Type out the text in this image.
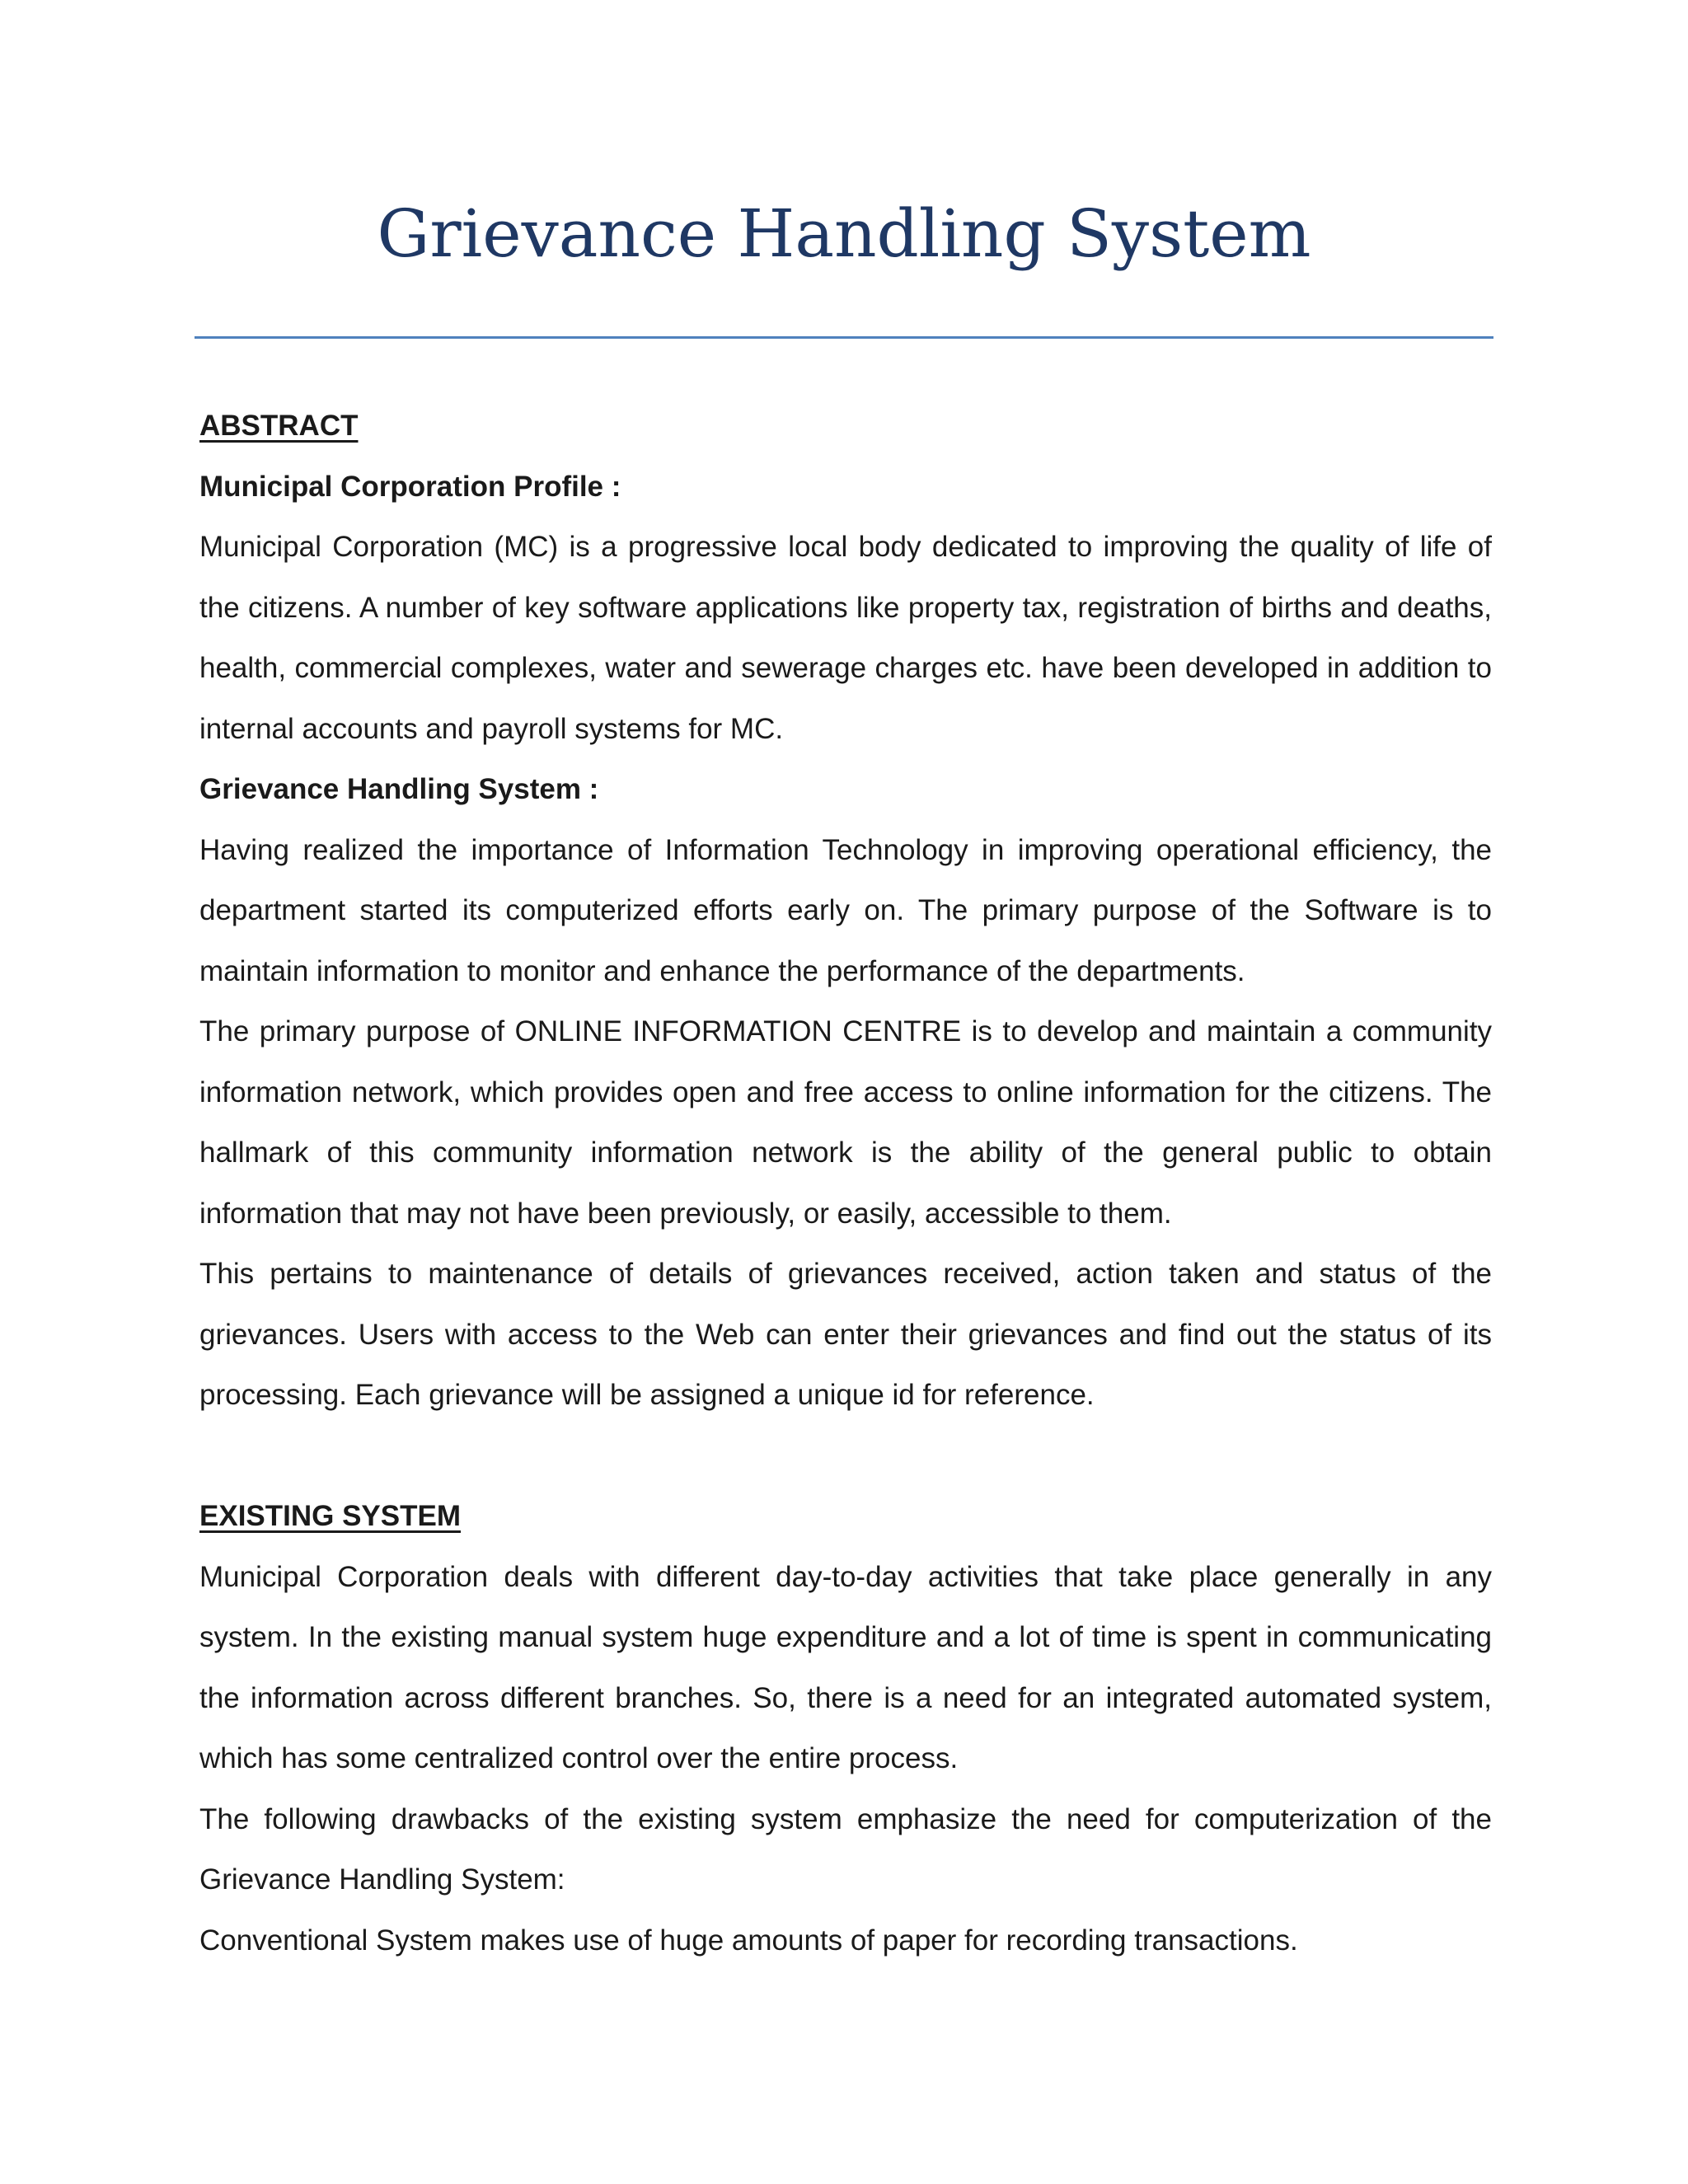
Grievance Handling System

ABSTRACT

Municipal Corporation Profile :

Municipal Corporation (MC) is a progressive local body dedicated to improving the quality of life of the citizens. A number of key software applications like property tax, registration of births and deaths, health, commercial complexes, water and sewerage charges etc. have been developed in addition to internal accounts and payroll systems for MC.

Grievance Handling System :

Having realized the importance of Information Technology in improving operational efficiency, the department started its computerized efforts early on. The primary purpose of the Software is to maintain information to monitor and enhance the performance of the departments.

The primary purpose of ONLINE INFORMATION CENTRE is to develop and maintain a community information network, which provides open and free access to online information for the citizens. The hallmark of this community information network is the ability of the general public to obtain information that may not have been previously, or easily, accessible to them.

This pertains to maintenance of details of grievances received, action taken and status of the grievances. Users with access to the Web can enter their grievances and find out the status of its processing. Each grievance will be assigned a unique id for reference.

EXISTING SYSTEM

Municipal Corporation deals with different day-to-day activities that take place generally in any system. In the existing manual system huge expenditure and a lot of time is spent in communicating the information across different branches. So, there is a need for an integrated automated system, which has some centralized control over the entire process.

The following drawbacks of the existing system emphasize the need for computerization of the Grievance Handling System:

Conventional System makes use of huge amounts of paper for recording transactions.
